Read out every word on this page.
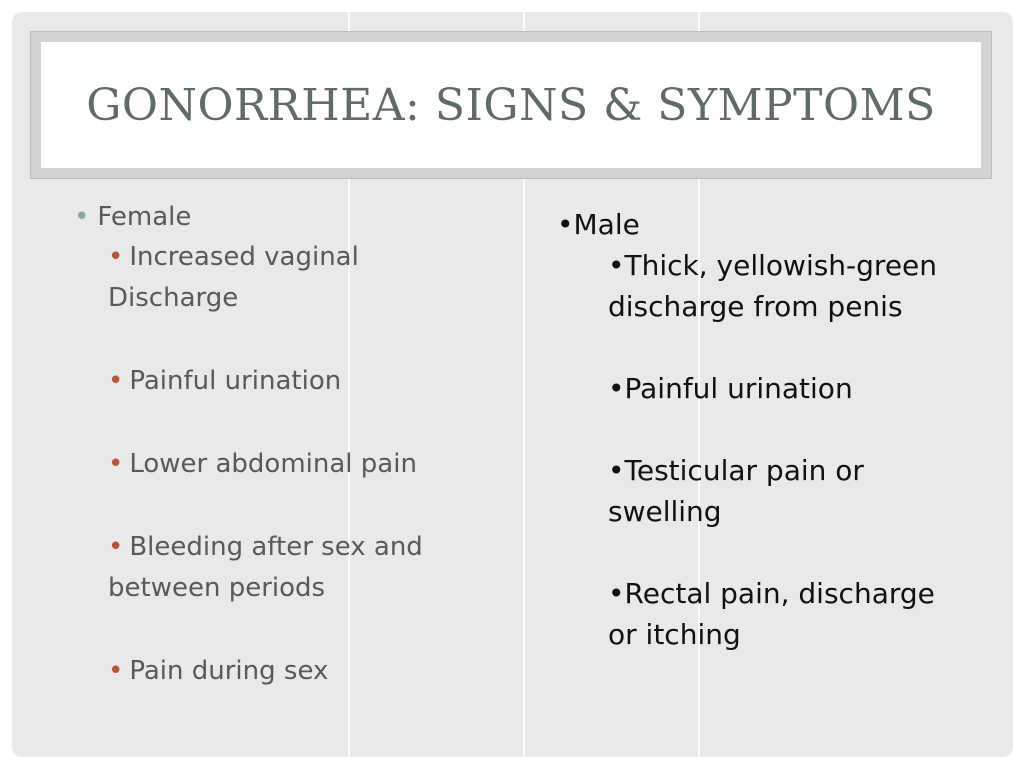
GONORRHEA: SIGNS & SYMPTOMS
• Female
• Increased vaginal Discharge
• Painful urination
• Lower abdominal pain
• Bleeding after sex and between periods
• Pain during sex
•Male
•Thick, yellowish-green discharge from penis
•Painful urination
•Testicular pain or swelling
•Rectal pain, discharge or itching
